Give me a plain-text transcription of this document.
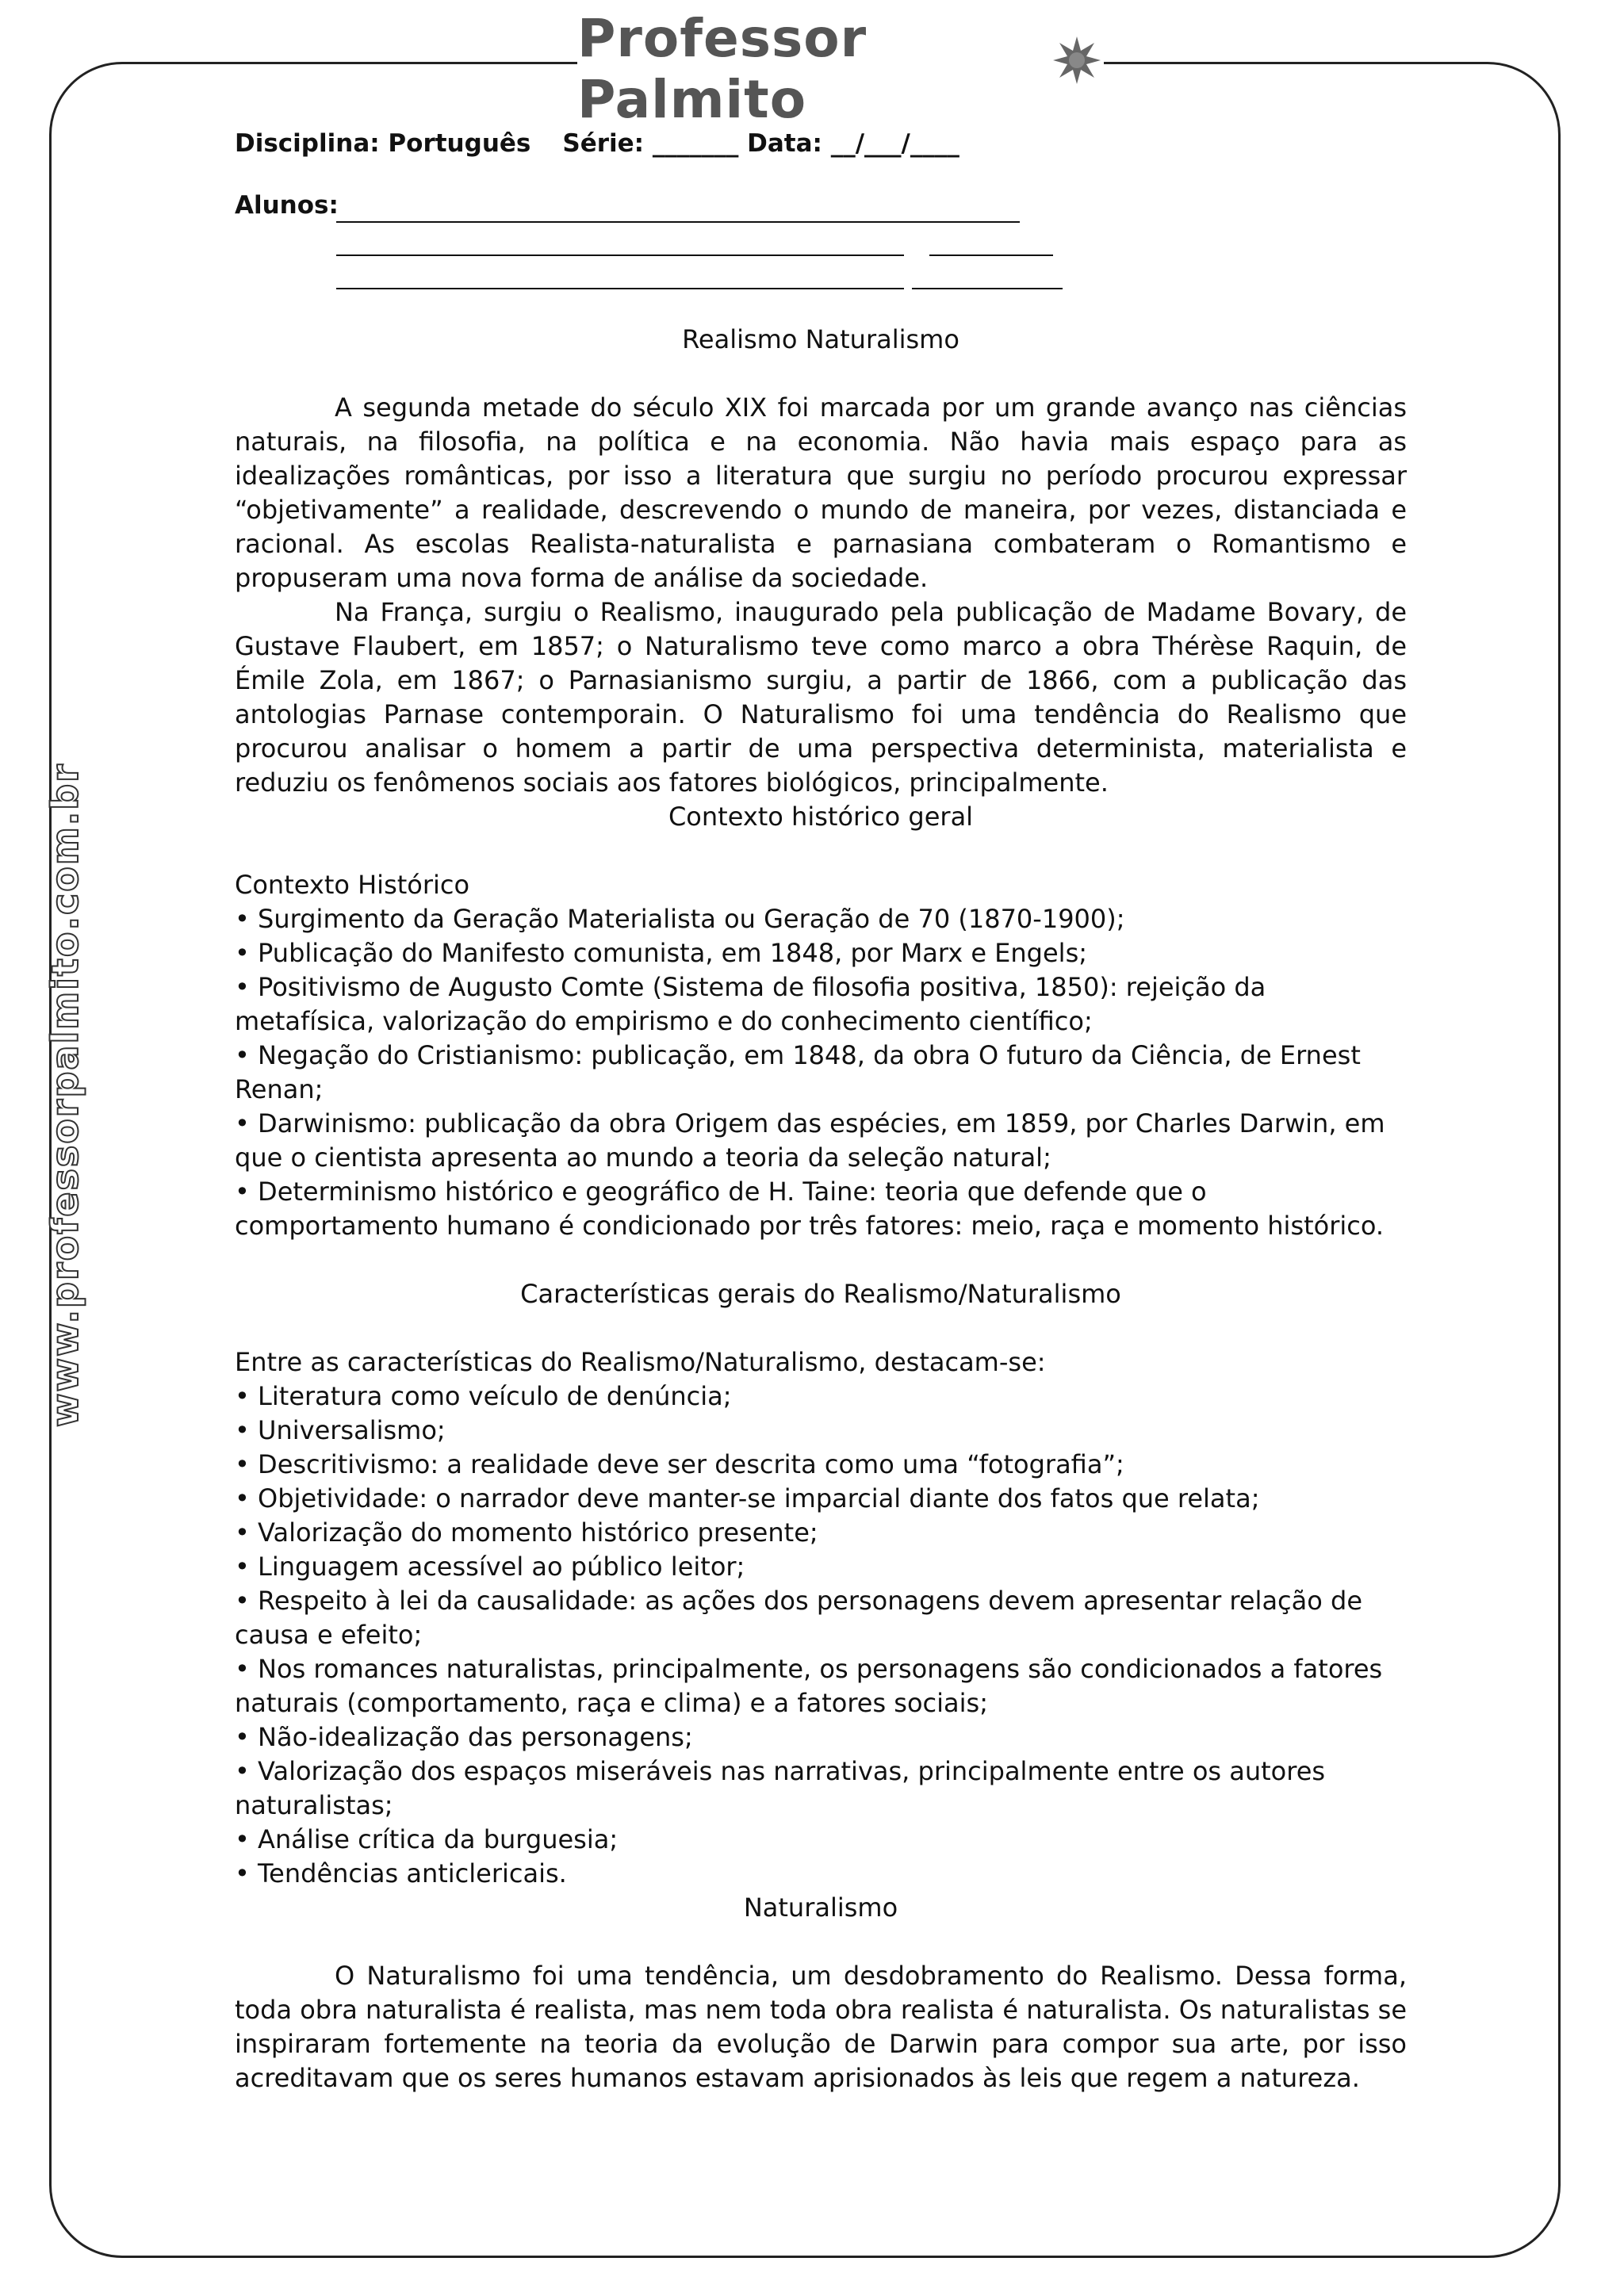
Professor Palmito
www.professorpalmito.com.br
Disciplina: Português Série: _______ Data: __/___/____
Alunos:
Realismo Naturalismo

A segunda metade do século XIX foi marcada por um grande avanço nas ciências naturais, na filosofia, na política e na economia. Não havia mais espaço para as idealizações românticas, por isso a literatura que surgiu no período procurou expressar “objetivamente” a realidade, descrevendo o mundo de maneira, por vezes, distanciada e racional. As escolas Realista-naturalista e parnasiana combateram o Romantismo e propuseram uma nova forma de análise da sociedade.

Na França, surgiu o Realismo, inaugurado pela publicação de Madame Bovary, de Gustave Flaubert, em 1857; o Naturalismo teve como marco a obra Thérèse Raquin, de Émile Zola, em 1867; o Parnasianismo surgiu, a partir de 1866, com a publicação das antologias Parnase contemporain. O Naturalismo foi uma tendência do Realismo que procurou analisar o homem a partir de uma perspectiva determinista, materialista e reduziu os fenômenos sociais aos fatores biológicos, principalmente.

Contexto histórico geral
Contexto Histórico
• Surgimento da Geração Materialista ou Geração de 70 (1870-1900);
• Publicação do Manifesto comunista, em 1848, por Marx e Engels;
• Positivismo de Augusto Comte (Sistema de filosofia positiva, 1850): rejeição da metafísica, valorização do empirismo e do conhecimento científico;
• Negação do Cristianismo: publicação, em 1848, da obra O futuro da Ciência, de Ernest Renan;
• Darwinismo: publicação da obra Origem das espécies, em 1859, por Charles Darwin, em que o cientista apresenta ao mundo a teoria da seleção natural;
• Determinismo histórico e geográfico de H. Taine: teoria que defende que o comportamento humano é condicionado por três fatores: meio, raça e momento histórico.
Características gerais do Realismo/Naturalismo
Entre as características do Realismo/Naturalismo, destacam-se:
• Literatura como veículo de denúncia;
• Universalismo;
• Descritivismo: a realidade deve ser descrita como uma “fotografia”;
• Objetividade: o narrador deve manter-se imparcial diante dos fatos que relata;
• Valorização do momento histórico presente;
• Linguagem acessível ao público leitor;
• Respeito à lei da causalidade: as ações dos personagens devem apresentar relação de causa e efeito;
• Nos romances naturalistas, principalmente, os personagens são condicionados a fatores naturais (comportamento, raça e clima) e a fatores sociais;
• Não-idealização das personagens;
• Valorização dos espaços miseráveis nas narrativas, principalmente entre os autores naturalistas;
• Análise crítica da burguesia;
• Tendências anticlericais.
Naturalismo

O Naturalismo foi uma tendência, um desdobramento do Realismo. Dessa forma, toda obra naturalista é realista, mas nem toda obra realista é naturalista. Os naturalistas se inspiraram fortemente na teoria da evolução de Darwin para compor sua arte, por isso acreditavam que os seres humanos estavam aprisionados às leis que regem a natureza.
